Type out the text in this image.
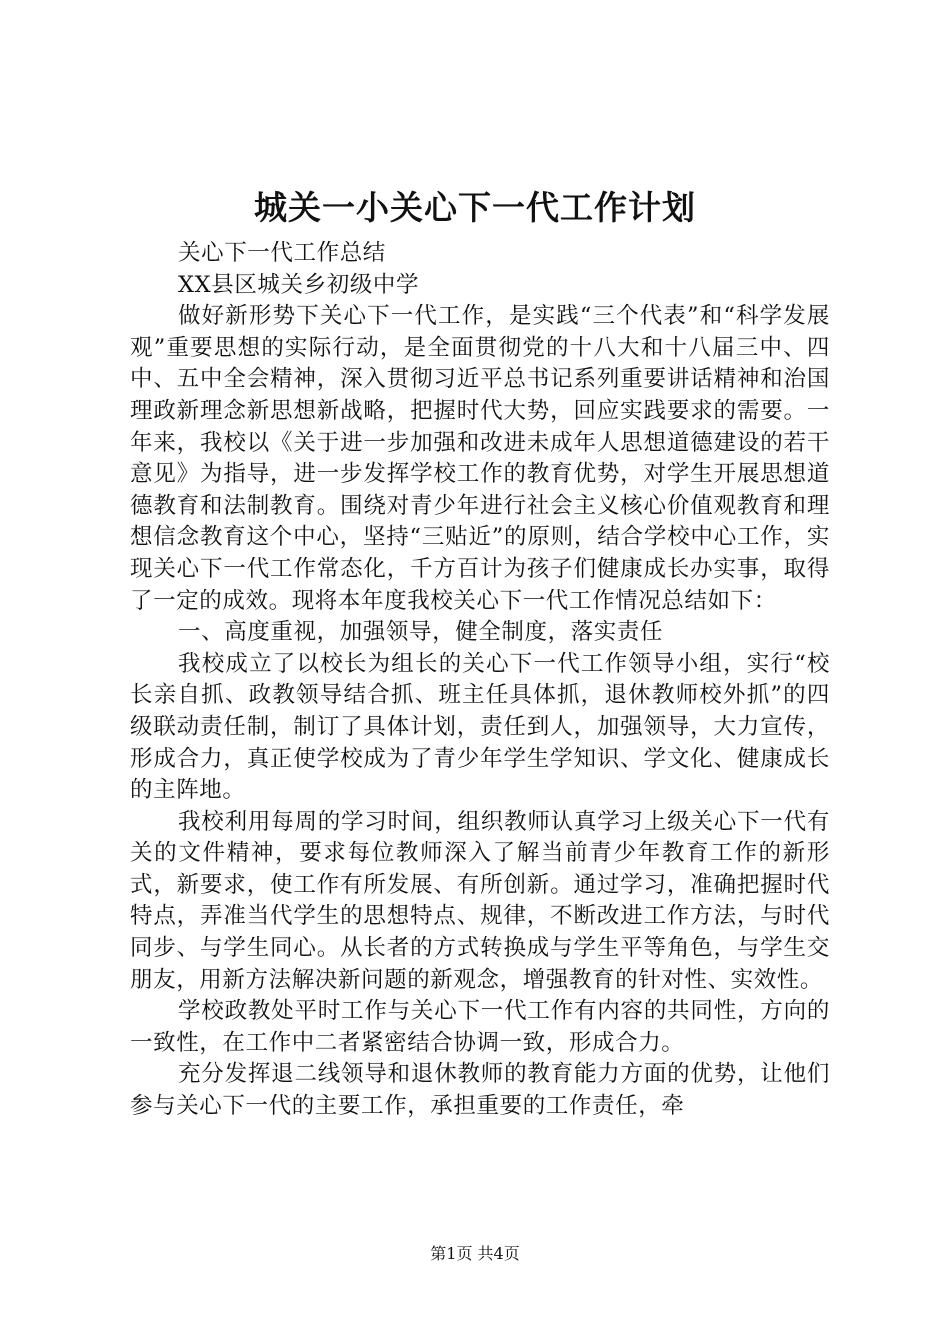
城关一小关心下一代工作计划

关心下一代工作总结

XX县区城关乡初级中学

做好新形势下关心下一代工作，是实践“三个代表”和“科学发展观”重要思想的实际行动，是全面贯彻党的十八大和十八届三中、四中、五中全会精神，深入贯彻习近平总书记系列重要讲话精神和治国理政新理念新思想新战略，把握时代大势，回应实践要求的需要。一年来，我校以《关于进一步加强和改进未成年人思想道德建设的若干意见》为指导，进一步发挥学校工作的教育优势，对学生开展思想道德教育和法制教育。围绕对青少年进行社会主义核心价值观教育和理想信念教育这个中心，坚持“三贴近”的原则，结合学校中心工作，实现关心下一代工作常态化，千方百计为孩子们健康成长办实事，取得了一定的成效。现将本年度我校关心下一代工作情况总结如下：

一、高度重视，加强领导，健全制度，落实责任

我校成立了以校长为组长的关心下一代工作领导小组，实行“校长亲自抓、政教领导结合抓、班主任具体抓，退休教师校外抓”的四级联动责任制，制订了具体计划，责任到人，加强领导，大力宣传，形成合力，真正使学校成为了青少年学生学知识、学文化、健康成长的主阵地。

我校利用每周的学习时间，组织教师认真学习上级关心下一代有关的文件精神，要求每位教师深入了解当前青少年教育工作的新形式，新要求，使工作有所发展、有所创新。通过学习，准确把握时代特点，弄准当代学生的思想特点、规律，不断改进工作方法，与时代同步、与学生同心。从长者的方式转换成与学生平等角色，与学生交朋友，用新方法解决新问题的新观念，增强教育的针对性、实效性。

学校政教处平时工作与关心下一代工作有内容的共同性，方向的一致性，在工作中二者紧密结合协调一致，形成合力。

充分发挥退二线领导和退休教师的教育能力方面的优势，让他们参与关心下一代的主要工作，承担重要的工作责任，牵

第1页 共4页
